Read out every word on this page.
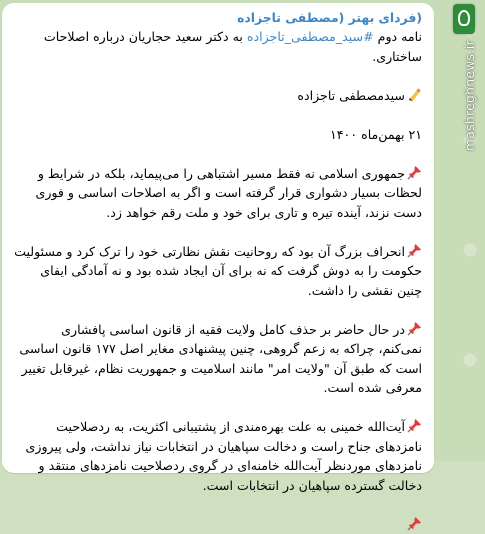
(فردای بهتر (مصطفی تاجزاده
نامه دوم #سید_مصطفی_تاجزاده به دکتر سعید حجاریان درباره اصلاحات ساختاری.
سیدمصطفی تاجزاده
۲۱ بهمن‌ماه ۱۴۰۰
جمهوری اسلامی نه فقط مسیر اشتباهی را می‌پیماید، بلکه در شرایط و لحظات بسیار دشواری قرار گرفته است و اگر به اصلاحات اساسی و فوری دست نزند، آینده تیره و تاری برای خود و ملت رقم خواهد زد.
انحراف بزرگ آن بود که روحانیت نقش نظارتی خود را ترک کرد و مسئولیت حکومت را به دوش گرفت که نه برای آن ایجاد شده بود و نه آمادگی ایفای چنین نقشی را داشت.
در حال حاضر بر حذف کامل ولایت فقیه از قانون اساسی پافشاری نمی‌کنم، چراکه به زعم گروهی، چنین پیشنهادی مغایر اصل ۱۷۷ قانون اساسی است که طبق آن "ولایت امر" مانند اسلامیت و جمهوریت نظام، غیرقابل تغییر معرفی شده است.
آیت‌الله خمینی به علت بهره‌مندی از پشتیبانی اکثریت، به ردصلاحیت نامزدهای جناح راست و دخالت سپاهیان در انتخابات نیاز نداشت، ولی پیروزی نامزدهای موردنظر آیت‌الله خامنه‌ای در گروی ردصلاحیت نامزدهای منتقد و دخالت گسترده سپاهیان در انتخابات است.
mashreghnews.ir
